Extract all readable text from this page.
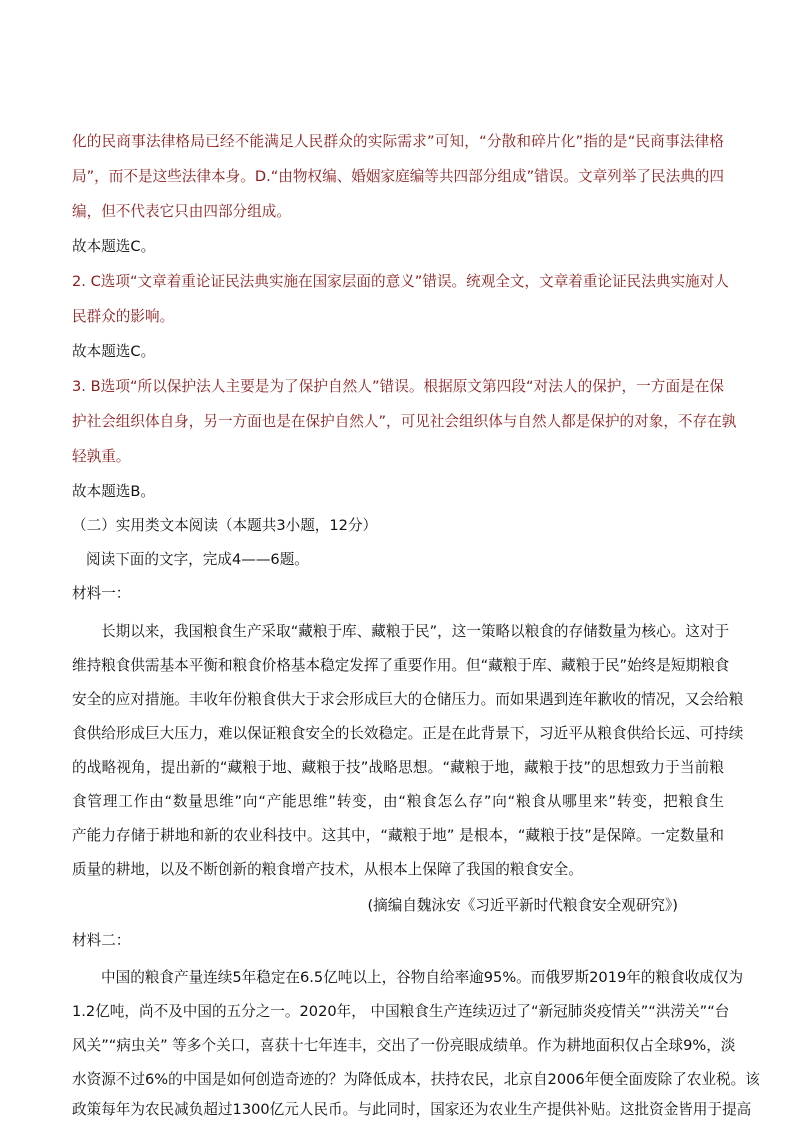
化的民商事法律格局已经不能满足人民群众的实际需求”可知，“分散和碎片化”指的是“民商事法律格
局”，而不是这些法律本身。D.“由物权编、婚姻家庭编等共四部分组成”错误。文章列举了民法典的四
编，但不代表它只由四部分组成。
故本题选C。
2. C选项“文章着重论证民法典实施在国家层面的意义”错误。统观全文，文章着重论证民法典实施对人
民群众的影响。
故本题选C。
3. B选项“所以保护法人主要是为了保护自然人”错误。根据原文第四段“对法人的保护，一方面是在保
护社会组织体自身，另一方面也是在保护自然人”，可见社会组织体与自然人都是保护的对象，不存在孰
轻孰重。
故本题选B。
（二）实用类文本阅读（本题共3小题，12分）
阅读下面的文字，完成4——6题。
材料一：
长期以来，我国粮食生产采取“藏粮于库、藏粮于民”，这一策略以粮食的存储数量为核心。这对于
维持粮食供需基本平衡和粮食价格基本稳定发挥了重要作用。但“藏粮于库、藏粮于民”始终是短期粮食
安全的应对措施。丰收年份粮食供大于求会形成巨大的仓储压力。而如果遇到连年歉收的情况，又会给粮
食供给形成巨大压力，难以保证粮食安全的长效稳定。正是在此背景下，习近平从粮食供给长远、可持续
的战略视角，提出新的“藏粮于地、藏粮于技”战略思想。“藏粮于地，藏粮于技”的思想致力于当前粮
食管理工作由“数量思维”向“产能思维”转变，由“粮食怎么存”向“粮食从哪里来”转变，把粮食生
产能力存储于耕地和新的农业科技中。这其中，“藏粮于地” 是根本，“藏粮于技”是保障。一定数量和
质量的耕地，以及不断创新的粮食增产技术，从根本上保障了我国的粮食安全。
(摘编自魏泳安《习近平新时代粮食安全观研究》)
材料二：
中国的粮食产量连续5年稳定在6.5亿吨以上，谷物自给率逾95%。而俄罗斯2019年的粮食收成仅为
1.2亿吨，尚不及中国的五分之一。2020年， 中国粮食生产连续迈过了“新冠肺炎疫情关”“洪涝关”“台
风关”“病虫关” 等多个关口，喜获十七年连丰，交出了一份亮眼成绩单。作为耕地面积仅占全球9%，淡
水资源不过6%的中国是如何创造奇迹的？为降低成本，扶持农民，北京自2006年便全面废除了农业税。该
政策每年为农民减负超过1300亿元人民币。与此同时，国家还为农业生产提供补贴。这批资金皆用于提高
